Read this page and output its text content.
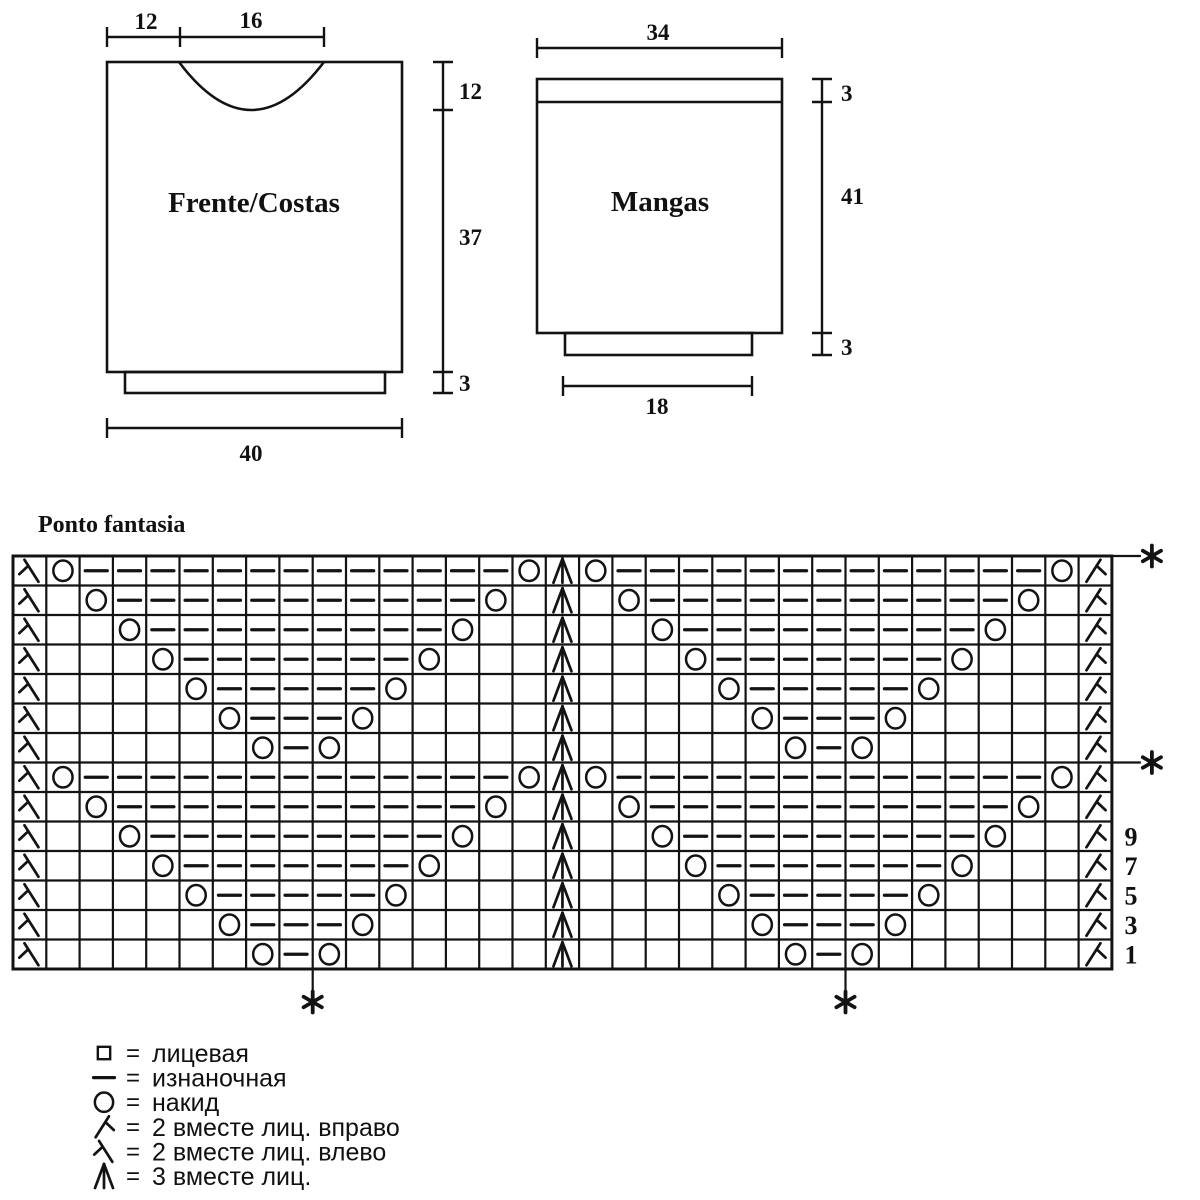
Frente/Costas
12	16
12
37
3
40
Mangas
34
3
41
3
18
Ponto fantasia
9
7
5
3
1
= лицевая
= изнаночная
= накид
= 2 вместе лиц. вправо
= 2 вместе лиц. влево
= 3 вместе лиц.
